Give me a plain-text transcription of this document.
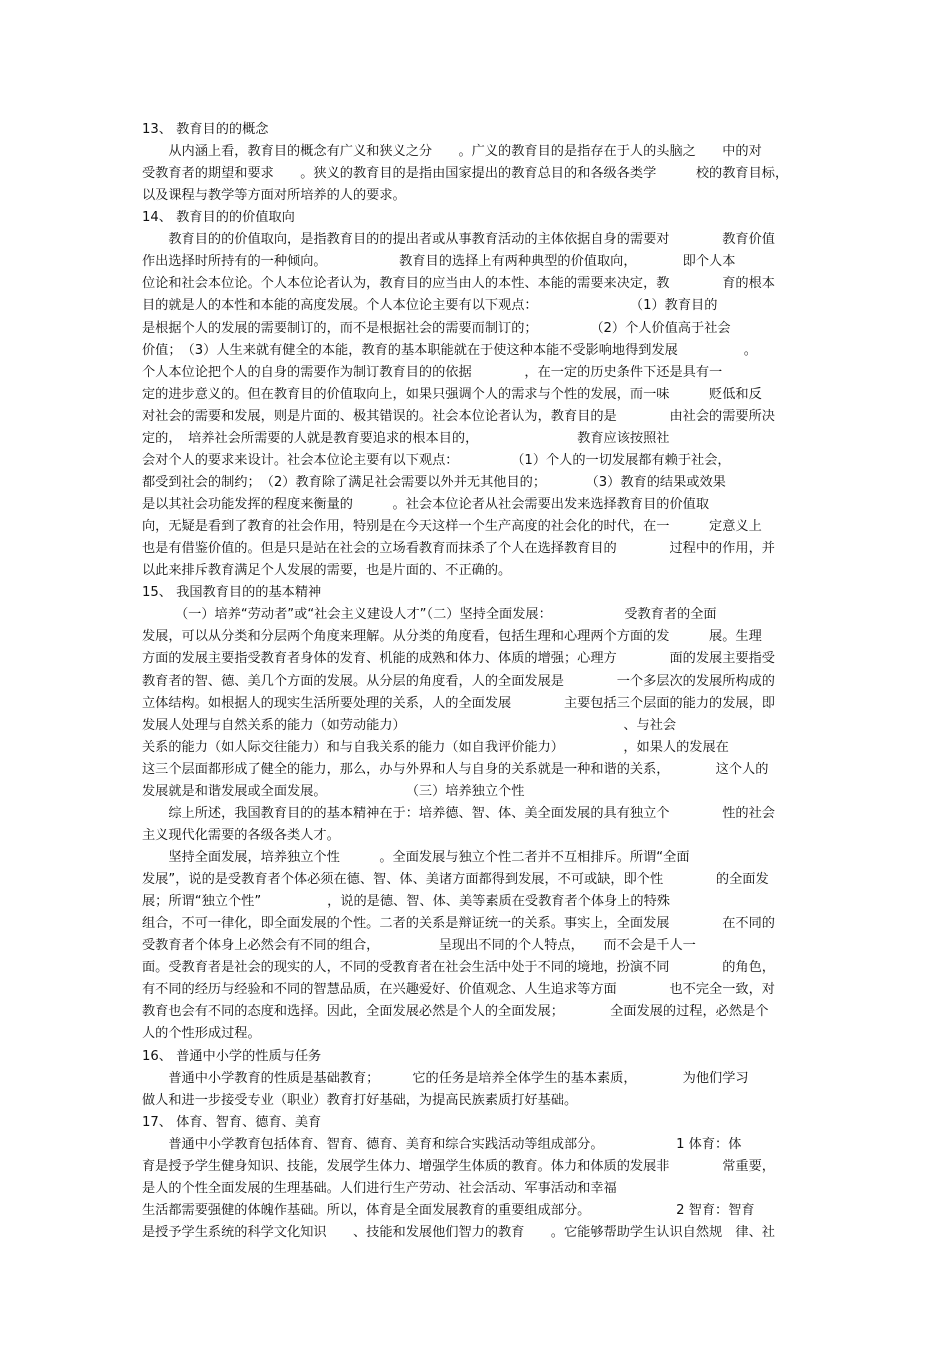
13、 教育目的的概念
　　从内涵上看，教育目的概念有广义和狭义之分　　。广义的教育目的是指存在于人的头脑之　　中的对
受教育者的期望和要求　　。狭义的教育目的是指由国家提出的教育总目的和各级各类学　　　校的教育目标，
以及课程与教学等方面对所培养的人的要求。
14、 教育目的的价值取向
　　教育目的的价值取向，是指教育目的的提出者或从事教育活动的主体依据自身的需要对　　　　教育价值
作出选择时所持有的一种倾向。　　　　　　教育目的选择上有两种典型的价值取向，　　　　即个人本
位论和社会本位论。个人本位论者认为，教育目的应当由人的本性、本能的需要来决定，教　　　　育的根本
目的就是人的本性和本能的高度发展。个人本位论主要有以下观点：　　　　　　　　（1）教育目的
是根据个人的发展的需要制订的，而不是根据社会的需要而制订的；　　　　　（2）个人价值高于社会
价值；　（3）人生来就有健全的本能，教育的基本职能就在于使这种本能不受影响地得到发展　　　　　。
个人本位论把个人的自身的需要作为制订教育目的的依据　　　　，在一定的历史条件下还是具有一
定的进步意义的。但在教育目的价值取向上，如果只强调个人的需求与个性的发展，而一味　　　贬低和反
对社会的需要和发展，则是片面的、极其错误的。社会本位论者认为，教育目的是　　　　由社会的需要所决
定的，　培养社会所需要的人就是教育要追求的根本目的，　　　　　　　　教育应该按照社
会对个人的要求来设计。社会本位论主要有以下观点：　　　　　（1）个人的一切发展都有赖于社会，
都受到社会的制约；　（2）教育除了满足社会需要以外并无其他目的；　　　　（3）教育的结果或效果
是以其社会功能发挥的程度来衡量的　　　。社会本位论者从社会需要出发来选择教育目的价值取
向，无疑是看到了教育的社会作用，特别是在今天这样一个生产高度的社会化的时代，在一　　　定意义上
也是有借鉴价值的。但是只是站在社会的立场看教育而抹杀了个人在选择教育目的　　　　过程中的作用，并
以此来排斥教育满足个人发展的需要，也是片面的、不正确的。
15、 我国教育目的的基本精神
　　　（一）培养“劳动者”或“社会主义建设人才”（二）坚持全面发展：　　　　　　受教育者的全面
发展，可以从分类和分层两个角度来理解。从分类的角度看，包括生理和心理两个方面的发　　　展。生理
方面的发展主要指受教育者身体的发育、机能的成熟和体力、体质的增强；心理方　　　　面的发展主要指受
教育者的智、德、美几个方面的发展。从分层的角度看，人的全面发展是　　　　一个多层次的发展所构成的
立体结构。如根据人的现实生活所要处理的关系，人的全面发展　　　　主要包括三个层面的能力的发展，即
发展人处理与自然关系的能力（如劳动能力）　　　　　　　　　　　　　　　　　、与社会
关系的能力（如人际交往能力）和与自我关系的能力（如自我评价能力）　　　　　，如果人的发展在
这三个层面都形成了健全的能力，那么，办与外界和人与自身的关系就是一种和谐的关系，　　　　这个人的
发展就是和谐发展或全面发展。　　　　　　　（三）培养独立个性
　　综上所述，我国教育目的的基本精神在于：培养德、智、体、美全面发展的具有独立个　　　　性的社会
主义现代化需要的各级各类人才。
　　坚持全面发展，培养独立个性　　　。全面发展与独立个性二者并不互相排斥。所谓“全面
发展”，说的是受教育者个体必须在德、智、体、美诸方面都得到发展，不可或缺，即个性　　　　的全面发
展；所谓“独立个性”　　　　　，说的是德、智、体、美等素质在受教育者个体身上的特殊
组合，不可一律化，即全面发展的个性。二者的关系是辩证统一的关系。事实上，全面发展　　　　在不同的
受教育者个体身上必然会有不同的组合，　　　　　呈现出不同的个人特点，　　而不会是千人一
面。受教育者是社会的现实的人，不同的受教育者在社会生活中处于不同的境地，扮演不同　　　　的角色，
有不同的经历与经验和不同的智慧品质，在兴趣爱好、价值观念、人生追求等方面　　　　也不完全一致，对
教育也会有不同的态度和选择。因此，全面发展必然是个人的全面发展；　　　　全面发展的过程，必然是个
人的个性形成过程。
16、 普通中小学的性质与任务
　　普通中小学教育的性质是基础教育；　　　它的任务是培养全体学生的基本素质，　　　　为他们学习
做人和进一步接受专业（职业）教育打好基础，为提高民族素质打好基础。
17、 体育、智育、德育、美育
　　普通中小学教育包括体育、智育、德育、美育和综合实践活动等组成部分。　　　　　　1 体育：体
育是授予学生健身知识、技能，发展学生体力、增强学生体质的教育。体力和体质的发展非　　　　常重要，
是人的个性全面发展的生理基础。人们进行生产劳动、社会活动、军事活动和幸福
生活都需要强健的体魄作基础。所以，体育是全面发展教育的重要组成部分。　　　　　　　2 智育：智育
是授予学生系统的科学文化知识　　、技能和发展他们智力的教育　　。它能够帮助学生认识自然规　律、社
